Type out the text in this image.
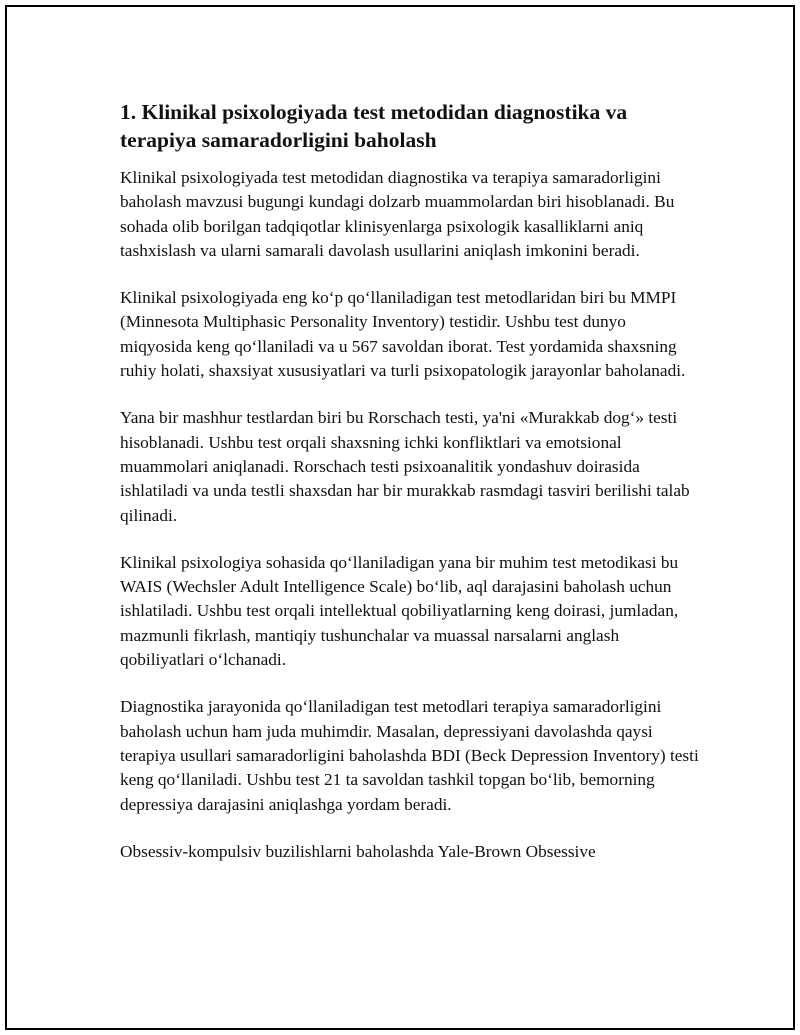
1. Klinikal psixologiyada test metodidan diagnostika va terapiya samaradorligini baholash

Klinikal psixologiyada test metodidan diagnostika va terapiya samaradorligini baholash mavzusi bugungi kundagi dolzarb muammolardan biri hisoblanadi. Bu sohada olib borilgan tadqiqotlar klinisyenlarga psixologik kasalliklarni aniq tashxislash va ularni samarali davolash usullarini aniqlash imkonini beradi.

Klinikal psixologiyada eng ko‘p qo‘llaniladigan test metodlaridan biri bu MMPI (Minnesota Multiphasic Personality Inventory) testidir. Ushbu test dunyo miqyosida keng qo‘llaniladi va u 567 savoldan iborat. Test yordamida shaxsning ruhiy holati, shaxsiyat xususiyatlari va turli psixopatologik jarayonlar baholanadi.

Yana bir mashhur testlardan biri bu Rorschach testi, ya'ni «Murakkab dog‘» testi hisoblanadi. Ushbu test orqali shaxsning ichki konfliktlari va emotsional muammolari aniqlanadi. Rorschach testi psixoanalitik yondashuv doirasida ishlatiladi va unda testli shaxsdan har bir murakkab rasmdagi tasviri berilishi talab qilinadi.

Klinikal psixologiya sohasida qo‘llaniladigan yana bir muhim test metodikasi bu WAIS (Wechsler Adult Intelligence Scale) bo‘lib, aql darajasini baholash uchun ishlatiladi. Ushbu test orqali intellektual qobiliyatlarning keng doirasi, jumladan, mazmunli fikrlash, mantiqiy tushunchalar va muassal narsalarni anglash qobiliyatlari o‘lchanadi.

Diagnostika jarayonida qo‘llaniladigan test metodlari terapiya samaradorligini baholash uchun ham juda muhimdir. Masalan, depressiyani davolashda qaysi terapiya usullari samaradorligini baholashda BDI (Beck Depression Inventory) testi keng qo‘llaniladi. Ushbu test 21 ta savoldan tashkil topgan bo‘lib, bemorning depressiya darajasini aniqlashga yordam beradi.

Obsessiv-kompulsiv buzilishlarni baholashda Yale-Brown Obsessive
